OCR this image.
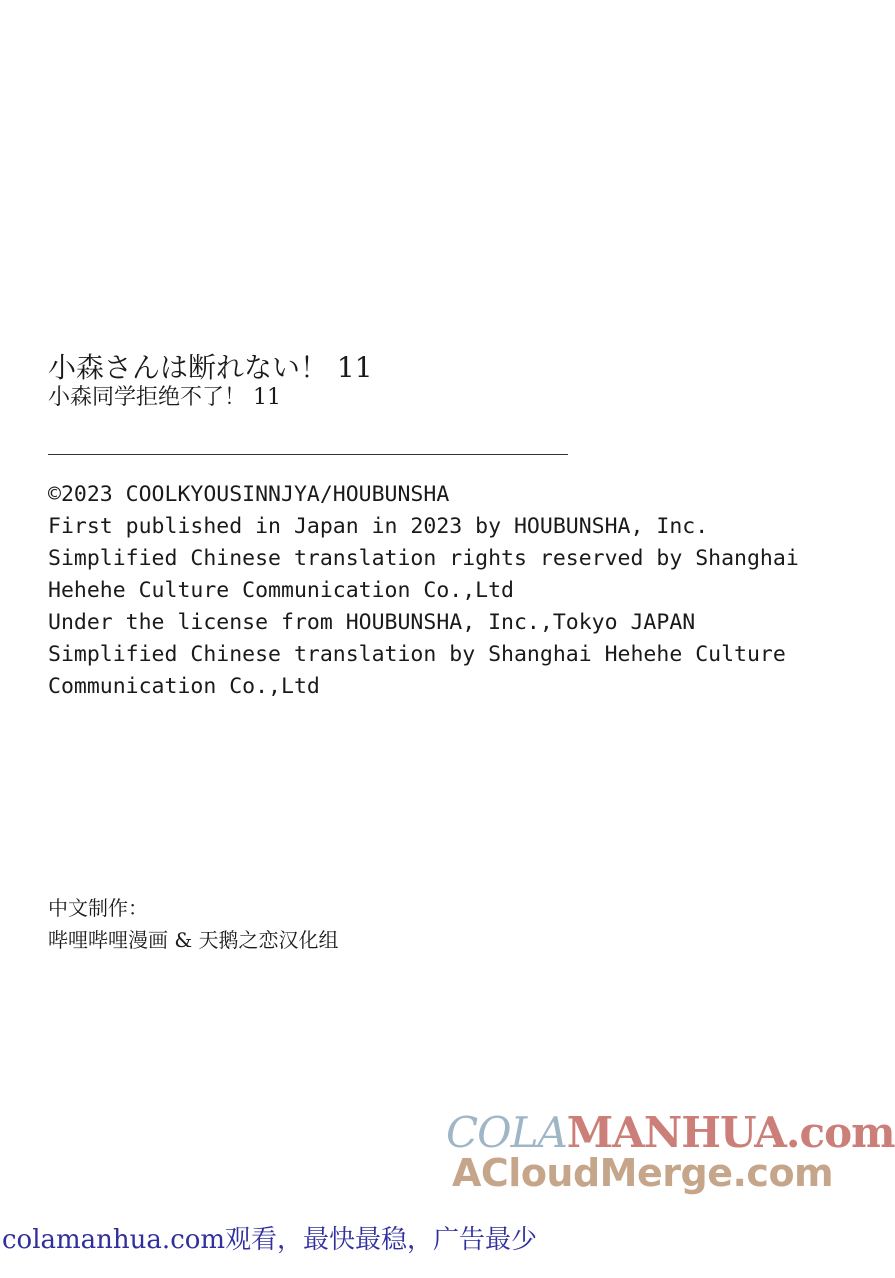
小森さんは断れない！ 11
小森同学拒绝不了！ 11
©2023 COOLKYOUSINNJYA/HOUBUNSHA
First published in Japan in 2023 by HOUBUNSHA, Inc.
Simplified Chinese translation rights reserved by Shanghai
Hehehe Culture Communication Co.,Ltd
Under the license from HOUBUNSHA, Inc.,Tokyo JAPAN
Simplified Chinese translation by Shanghai Hehehe Culture
Communication Co.,Ltd
中文制作：
哔哩哔哩漫画 & 天鹅之恋汉化组
COLAMANHUA.com
ACloudMerge.com
colamanhua.com观看，最快最稳，广告最少
